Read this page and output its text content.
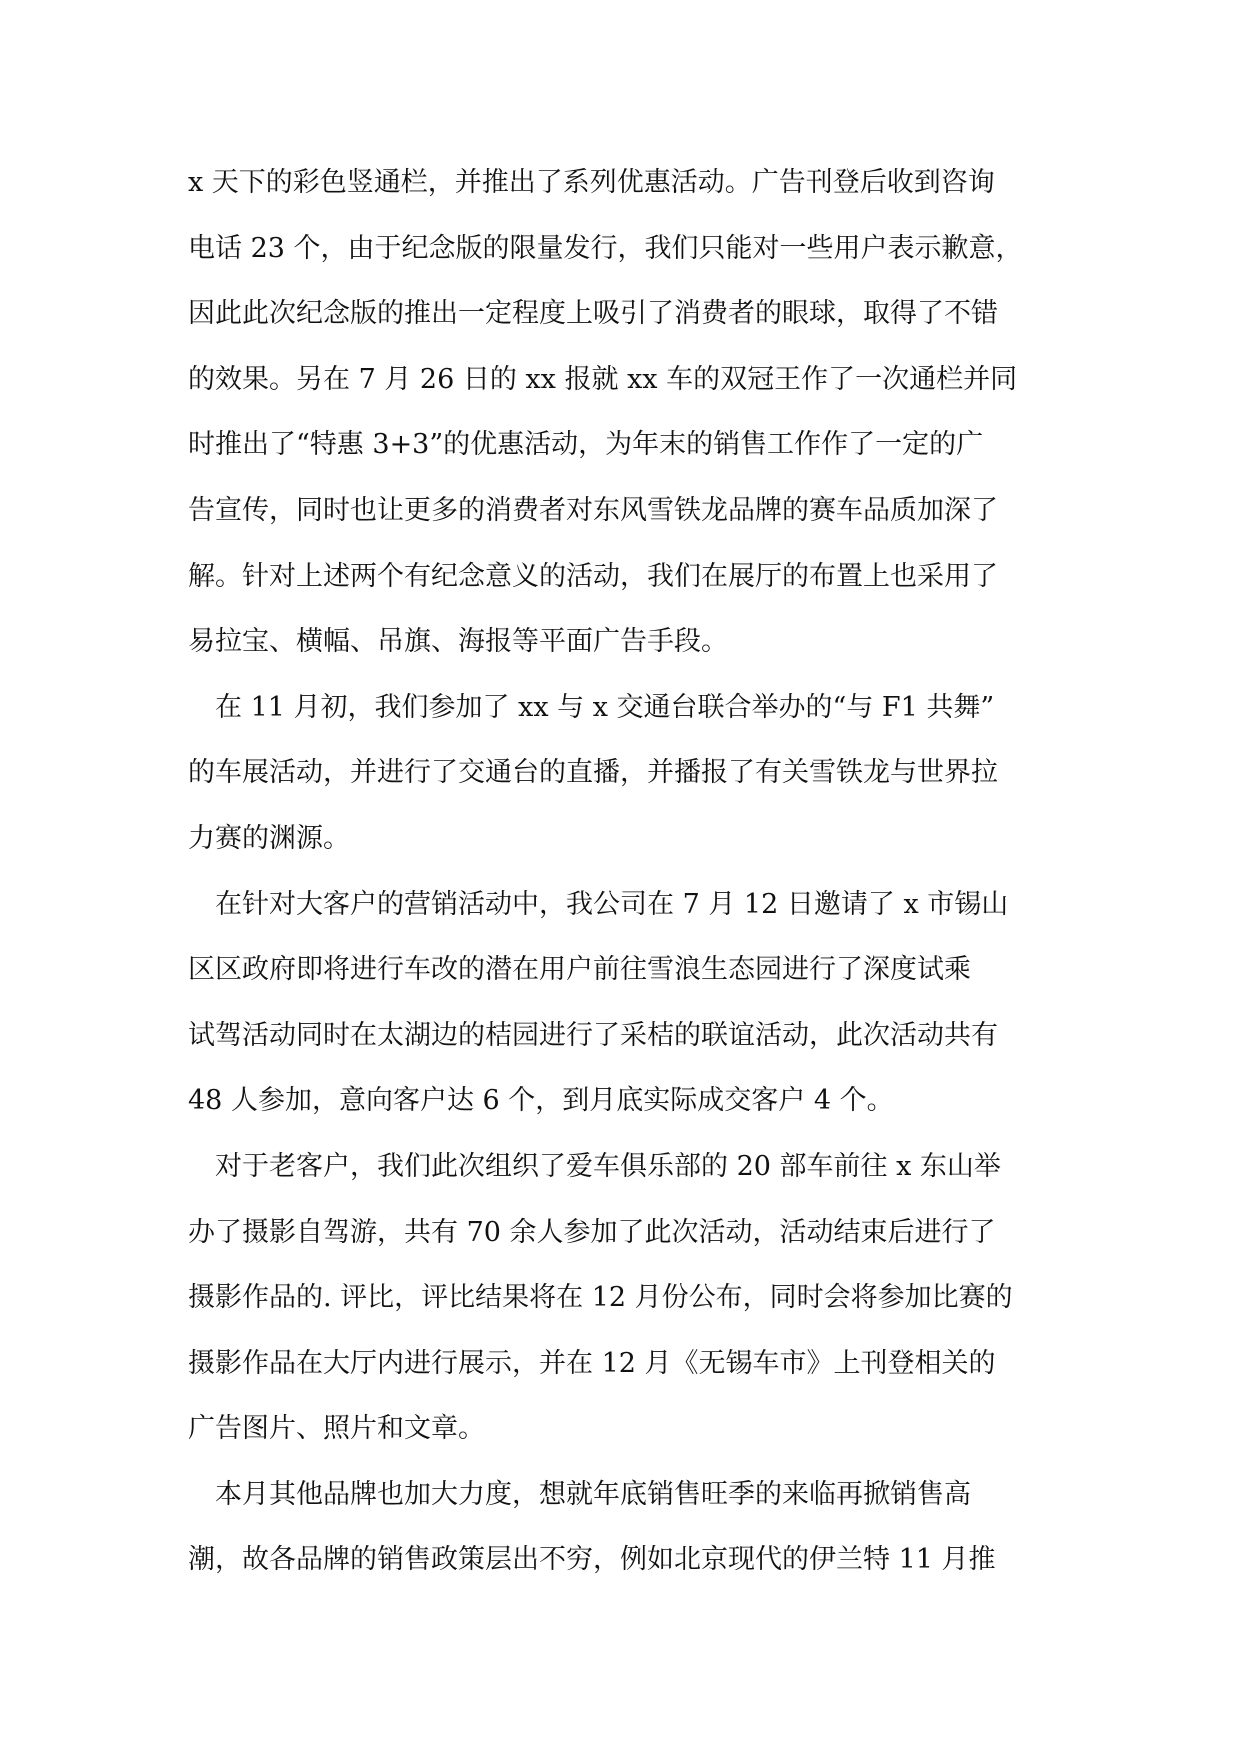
x 天下的彩色竖通栏，并推出了系列优惠活动。广告刊登后收到咨询
电话 23 个，由于纪念版的限量发行，我们只能对一些用户表示歉意，
因此此次纪念版的推出一定程度上吸引了消费者的眼球，取得了不错
的效果。另在 7 月 26 日的 xx 报就 xx 车的双冠王作了一次通栏并同
时推出了“特惠 3+3”的优惠活动，为年末的销售工作作了一定的广
告宣传，同时也让更多的消费者对东风雪铁龙品牌的赛车品质加深了
解。针对上述两个有纪念意义的活动，我们在展厅的布置上也采用了
易拉宝、横幅、吊旗、海报等平面广告手段。
　在 11 月初，我们参加了 xx 与 x 交通台联合举办的“与 F1 共舞”
的车展活动，并进行了交通台的直播，并播报了有关雪铁龙与世界拉
力赛的渊源。
　在针对大客户的营销活动中，我公司在 7 月 12 日邀请了 x 市锡山
区区政府即将进行车改的潜在用户前往雪浪生态园进行了深度试乘
试驾活动同时在太湖边的桔园进行了采桔的联谊活动，此次活动共有
48 人参加，意向客户达 6 个，到月底实际成交客户 4 个。
　对于老客户，我们此次组织了爱车俱乐部的 20 部车前往 x 东山举
办了摄影自驾游，共有 70 余人参加了此次活动，活动结束后进行了
摄影作品的. 评比，评比结果将在 12 月份公布，同时会将参加比赛的
摄影作品在大厅内进行展示，并在 12 月《无锡车市》上刊登相关的
广告图片、照片和文章。
　本月其他品牌也加大力度，想就年底销售旺季的来临再掀销售高
潮，故各品牌的销售政策层出不穷，例如北京现代的伊兰特 11 月推
